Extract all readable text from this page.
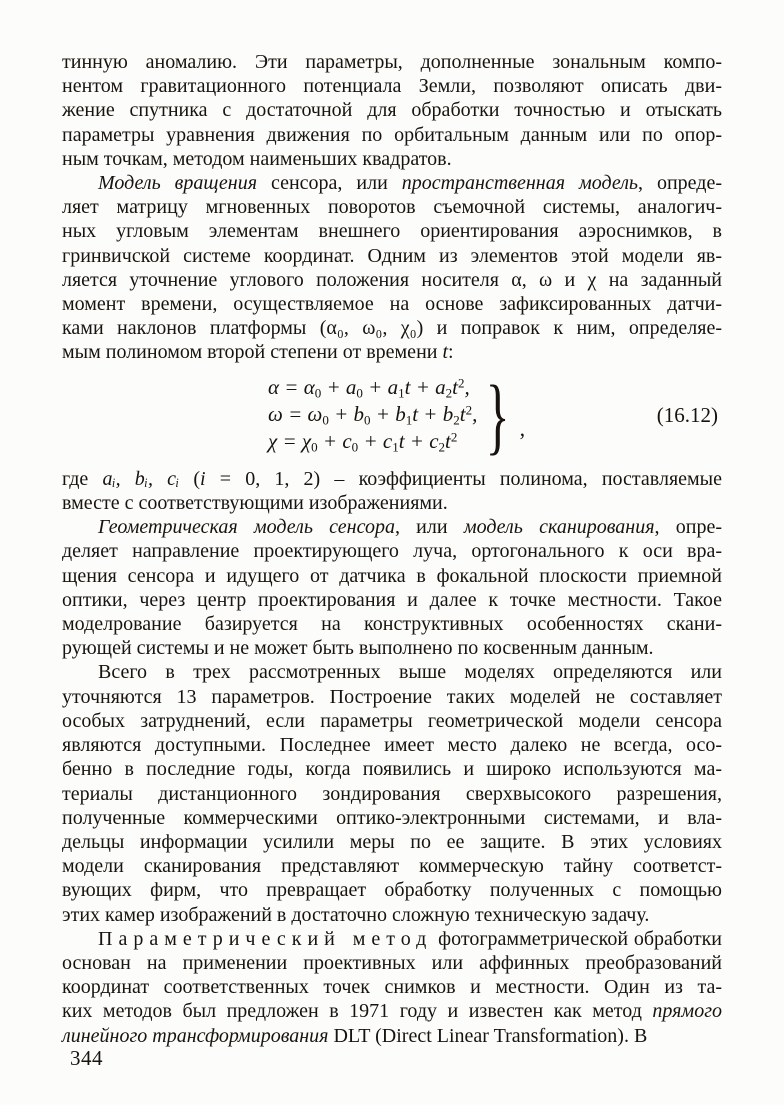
тинную аномалию. Эти параметры, дополненные зональным компо-
нентом гравитационного потенциала Земли, позволяют описать дви-
жение спутника с достаточной для обработки точностью и отыскать
параметры уравнения движения по орбитальным данным или по опор-
ным точкам, методом наименьших квадратов.
Модель вращения сенсора, или пространственная модель, опреде-
ляет матрицу мгновенных поворотов съемочной системы, аналогич-
ных угловым элементам внешнего ориентирования аэроснимков, в
гринвичской системе координат. Одним из элементов этой модели яв-
ляется уточнение углового положения носителя α, ω и χ на заданный
момент времени, осуществляемое на основе зафиксированных датчи-
ками наклонов платформы (α₀, ω₀, χ₀) и поправок к ним, определяе-
мым полиномом второй степени от времени t:
$\alpha = \alpha_0 + a_0 + a_1t + a_2t^2$,
$\omega = \omega_0 + b_0 + b_1t + b_2t^2$,
$\chi = \chi_0 + c_0 + c_1t + c_2t^2$ } ,
(16.12)
где aᵢ, bᵢ, cᵢ (i = 0, 1, 2) – коэффициенты полинома, поставляемые
вместе с соответствующими изображениями.
Геометрическая модель сенсора, или модель сканирования, опре-
деляет направление проектирующего луча, ортогонального к оси вра-
щения сенсора и идущего от датчика в фокальной плоскости приемной
оптики, через центр проектирования и далее к точке местности. Такое
моделрование базируется на конструктивных особенностях скани-
рующей системы и не может быть выполнено по косвенным данным.
Всего в трех рассмотренных выше моделях определяются или
уточняются 13 параметров. Построение таких моделей не составляет
особых затруднений, если параметры геометрической модели сенсора
являются доступными. Последнее имеет место далеко не всегда, осо-
бенно в последние годы, когда появились и широко используются ма-
териалы дистанционного зондирования сверхвысокого разрешения,
полученные коммерческими оптико-электронными системами, и вла-
дельцы информации усилили меры по ее защите. В этих условиях
модели сканирования представляют коммерческую тайну соответст-
вующих фирм, что превращает обработку полученных с помощью
этих камер изображений в достаточно сложную техническую задачу.
Параметрический метод фотограмметрической обработки
основан на применении проективных или аффинных преобразований
координат соответственных точек снимков и местности. Один из та-
ких методов был предложен в 1971 году и известен как метод прямого
линейного трансформирования DLT (Direct Linear Transformation). В
344
